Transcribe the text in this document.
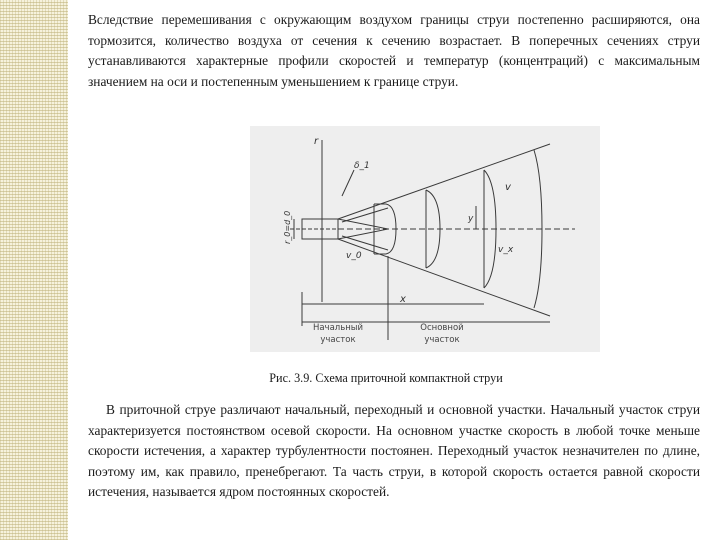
Вследствие перемешивания с окружающим воздухом границы струи постепенно расширяются, она тормозится, количество воздуха от сечения к сечению возрастает. В поперечных сечениях струи устанавливаются характерные профили скоростей и температур (концентраций) с максимальным значением на оси и постепенным уменьшением к границе струи.

r
δ_1
r_0=d_0
v
y
v_x
v_0
x
Начальный
участок
Основной
участок

Рис. 3.9. Схема приточной компактной струи

В приточной струе различают начальный, переходный и основной участки. Начальный участок струи характеризуется постоянством осевой скорости. На основном участке скорость в любой точке меньше скорости истечения, а характер турбулентности постоянен. Переходный участок незначителен по длине, поэтому им, как правило, пренебрегают. Та часть струи, в которой скорость остается равной скорости истечения, называется ядром постоянных скоростей.
